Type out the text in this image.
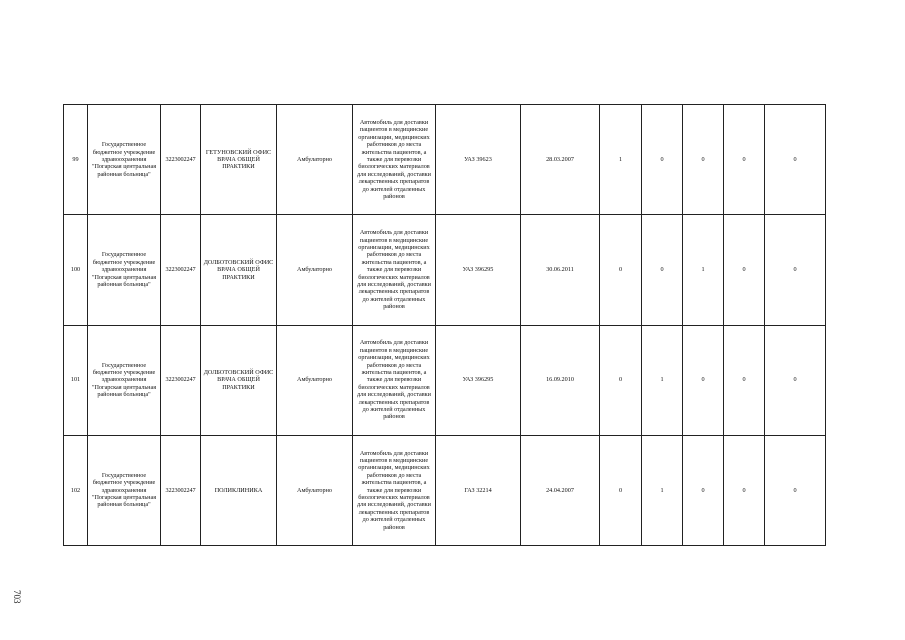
99	Государственное бюджетное учреждение здравоохранения "Погарская центральная районная больница"	3223002247	ГЕТУНОВСКИЙ ОФИС ВРАЧА ОБЩЕЙ ПРАКТИКИ	Амбулаторно	Автомобиль для доставки пациентов в медицинские организации, медицинских работников до места жительства пациентов, а также для перевозки биологических материалов для исследований, доставки лекарственных препаратов до жителей отдаленных районов	УАЗ 39623	28.03.2007	1	0	0	0	0
100	Государственное бюджетное учреждение здравоохранения "Погарская центральная районная больница"	3223002247	ДОЛБОТОВСКИЙ ОФИС ВРАЧА ОБЩЕЙ ПРАКТИКИ	Амбулаторно	Автомобиль для доставки пациентов в медицинские организации, медицинских работников до места жительства пациентов, а также для перевозки биологических материалов для исследований, доставки лекарственных препаратов до жителей отдаленных районов	УАЗ 396295	30.06.2011	0	0	1	0	0
101	Государственное бюджетное учреждение здравоохранения "Погарская центральная районная больница"	3223002247	ДОЛБОТОВСКИЙ ОФИС ВРАЧА ОБЩЕЙ ПРАКТИКИ	Амбулаторно	Автомобиль для доставки пациентов в медицинские организации, медицинских работников до места жительства пациентов, а также для перевозки биологических материалов для исследований, доставки лекарственных препаратов до жителей отдаленных районов	УАЗ 396295	16.09.2010	0	1	0	0	0
102	Государственное бюджетное учреждение здравоохранения "Погарская центральная районная больница"	3223002247	ПОЛИКЛИНИКА	Амбулаторно	Автомобиль для доставки пациентов в медицинские организации, медицинских работников до места жительства пациентов, а также для перевозки биологических материалов для исследований, доставки лекарственных препаратов до жителей отдаленных районов	ГАЗ 32214	24.04.2007	0	1	0	0	0
703
